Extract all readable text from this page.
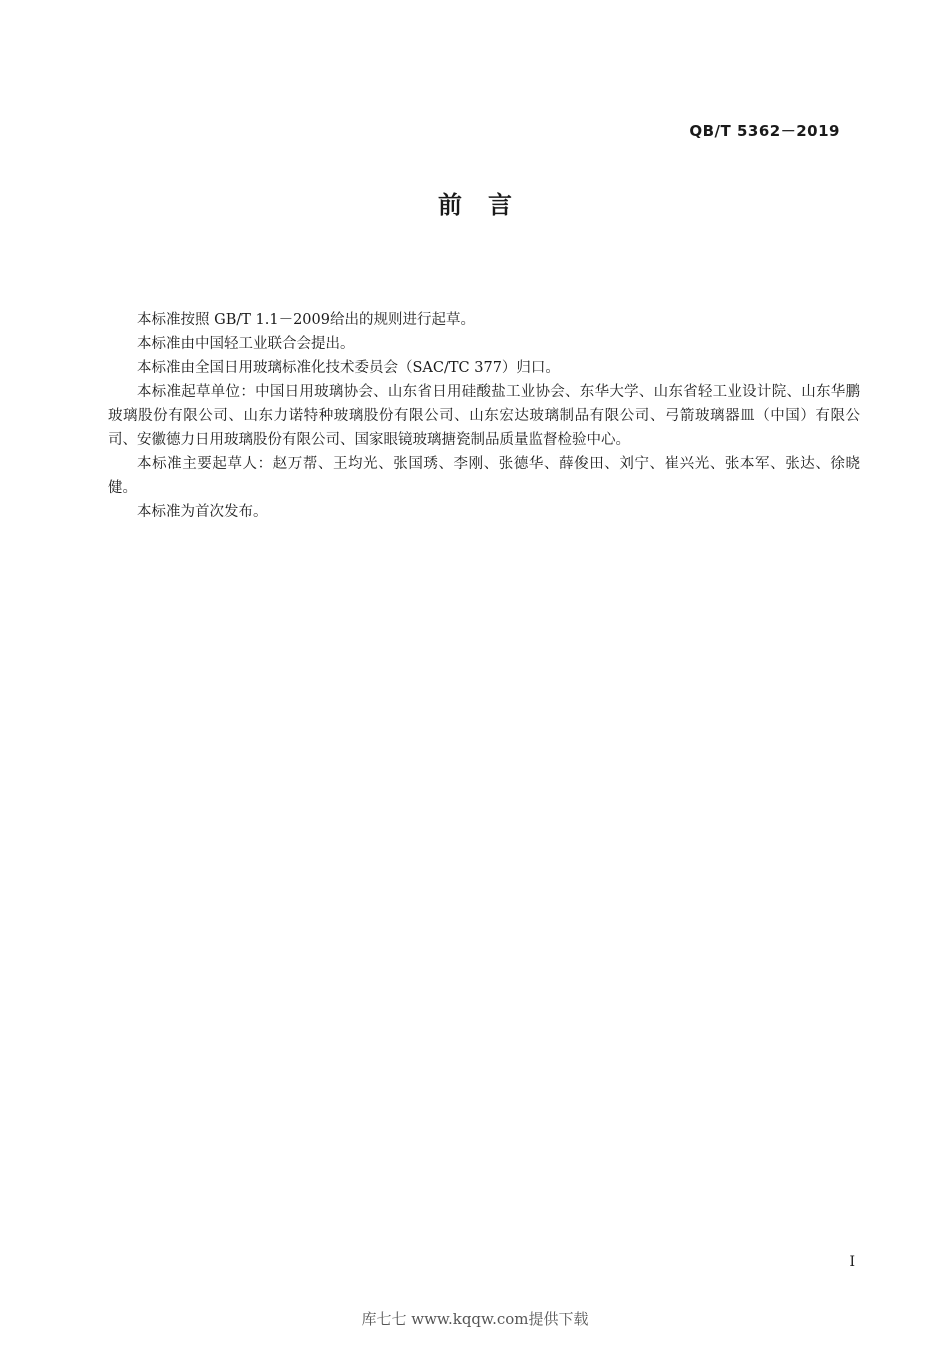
QB/T 5362－2019
前言

本标准按照 GB/T 1.1－2009给出的规则进行起草。

本标准由中国轻工业联合会提出。

本标准由全国日用玻璃标准化技术委员会（SAC/TC 377）归口。

本标准起草单位：中国日用玻璃协会、山东省日用硅酸盐工业协会、东华大学、山东省轻工业设计院、山东华鹏玻璃股份有限公司、山东力诺特种玻璃股份有限公司、山东宏达玻璃制品有限公司、弓箭玻璃器皿（中国）有限公司、安徽德力日用玻璃股份有限公司、国家眼镜玻璃搪瓷制品质量监督检验中心。

本标准主要起草人：赵万帮、王均光、张国琇、李刚、张德华、薛俊田、刘宁、崔兴光、张本军、张达、徐晓健。

本标准为首次发布。

I
库七七 www.kqqw.com提供下载
